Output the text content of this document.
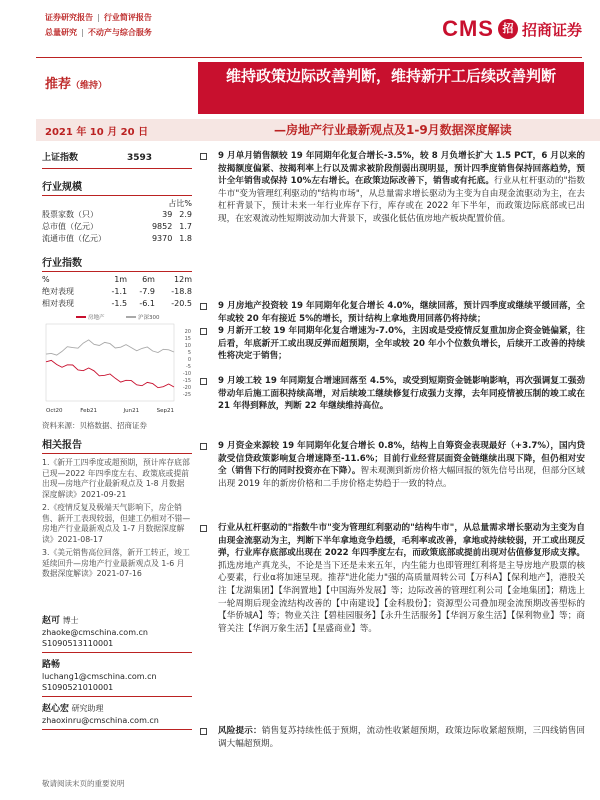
证券研究报告 | 行业简评报告
总量研究 | 不动产与综合服务	CMS 招 招商证券
推荐（维持）
维持政策边际改善判断，维持新开工后续改善判断
2021 年 10 月 20 日	—房地产行业最新观点及1-9月数据深度解读
上证指数	3593
行业规模
占比%
股票家数（只）	39	2.9
总市值（亿元）	9852	1.7
流通市值（亿元）	9370	1.8
行业指数
%	1m	6m	12m
绝对表现	-1.1	-7.9	-18.8
相对表现	-1.5	-6.1	-20.5
20
15
10
5
0
-5
-10
-15
-20
-25
Oct20	Feb21	Jun21	Sep21
房地产	沪深300
资料来源：贝格数据、招商证券
相关报告

1.《新开工四季度或超预期，预计库存底部已现—2022 年四季度左右、政策底或提前出现—房地产行业最新观点及 1-8 月数据深度解读》2021-09-21

2.《疫情反复及极端天气影响下，房企销售、新开工表现较弱，但建工仍相对不错—房地产行业最新观点及 1-7 月数据深度解读》2021-08-17

3.《美元销售高位回落，新开工转正，竣工延续回升—房地产行业最新观点及 1-6 月数据深度解读》2021-07-16

赵可 博士
zhaoke@cmschina.com.cn
S1090513110001
路畅
luchang1@cmschina.com.cn
S1090521010001
赵心宏 研究助理
zhaoxinru@cmschina.com.cn
9 月单月销售额较 19 年同期年化复合增长-3.5%，较 8 月负增长扩大 1.5 PCT，6 月以来的按揭额度偏紧、按揭利率上行以及需求被阶段削弱出现明显，预计四季度销售保持回落趋势，预计全年销售或保持 10%左右增长。在政策边际改善下，销售或有托底。行业从杠杆驱动的"指数牛市"变为管理红利驱动的"结构市场"，从总量需求增长驱动为主变为自由现金流驱动为主，在去杠杆背景下，预计未来一年行业库存下行，库存或在 2022 年下半年，而政策边际底部或已出现，在宏观流动性短期波动加大背景下，或强化低估值房地产板块配置价值。
9 月房地产投资较 19 年同期年化复合增长 4.0%，继续回落，预计四季度或继续平缓回落，全年或较 20 年有接近 5%的增长，预计结构上拿地费用回落仍将持续；
9 月新开工较 19 年同期年化复合增速为-7.0%，主因或是受疫情反复重加房企资金链偏紧，往后看，年底新开工或出现反弹而超预期，全年或较 20 年小个位数负增长，后续开工改善的持续性将决定于销售；
9 月竣工较 19 年同期复合增速回落至 4.5%，或受到短期资金链影响影响，再次强调复工强劲带动年后施工面积持续高增，对后续竣工继续修复行成强力支撑，去年同疫情被压制的竣工或在 21 年得到释放，判断 22 年继续维持高位。
9 月资金来源较 19 年同期年化复合增长 0.8%，结构上自筹资金表现最好（+3.7%），国内贷款受信贷政策影响复合增速降至-11.6%；目前行业经营层面资金链继续出现下降，但仍相对安全（销售下行的同时投资亦在下降）。智未观测到新房价格大幅回报的领先信号出现，但部分区域出现 2019 年的新房价格和二手房价格走势趋于一致的特点。
行业从杠杆驱动的"指数牛市"变为管理红利驱动的"结构牛市"，从总量需求增长驱动为主变为自由现金流驱动为主，判断下半年拿地竞争趋缓，毛利率或改善，拿地或持续较弱，开工或出现反弹，行业库存底部或出现在 2022 年四季度左右，而政策底部或提前出现对估值修复形成支撑。抓选房地产真龙头，不论是当下还是未来五年，内生能力也即管理红利将是主导房地产股票的核心要素，行业α将加速呈现。推荐"进化能力"强的高质量周转公司【万科A】【保利地产】，港股关注【龙湖集团】【华润置地】【中国海外发展】等；边际改善的管理红利公司【金地集团】；精选上一轮周期后现金流结构改善的【中南建设】【金科股份】；资源型公司叠加现金流预期改善型标的【华侨城A】等；物业关注【碧桂园服务】【永升生活服务】【华润万象生活】【保利物业】等；商管关注【华润万象生活】【星盛商业】等。
风险提示：销售复苏持续性低于预期，流动性收紧超预期，政策边际收紧超预期，三四线销售回调大幅超预期。
敬请阅读末页的重要说明
